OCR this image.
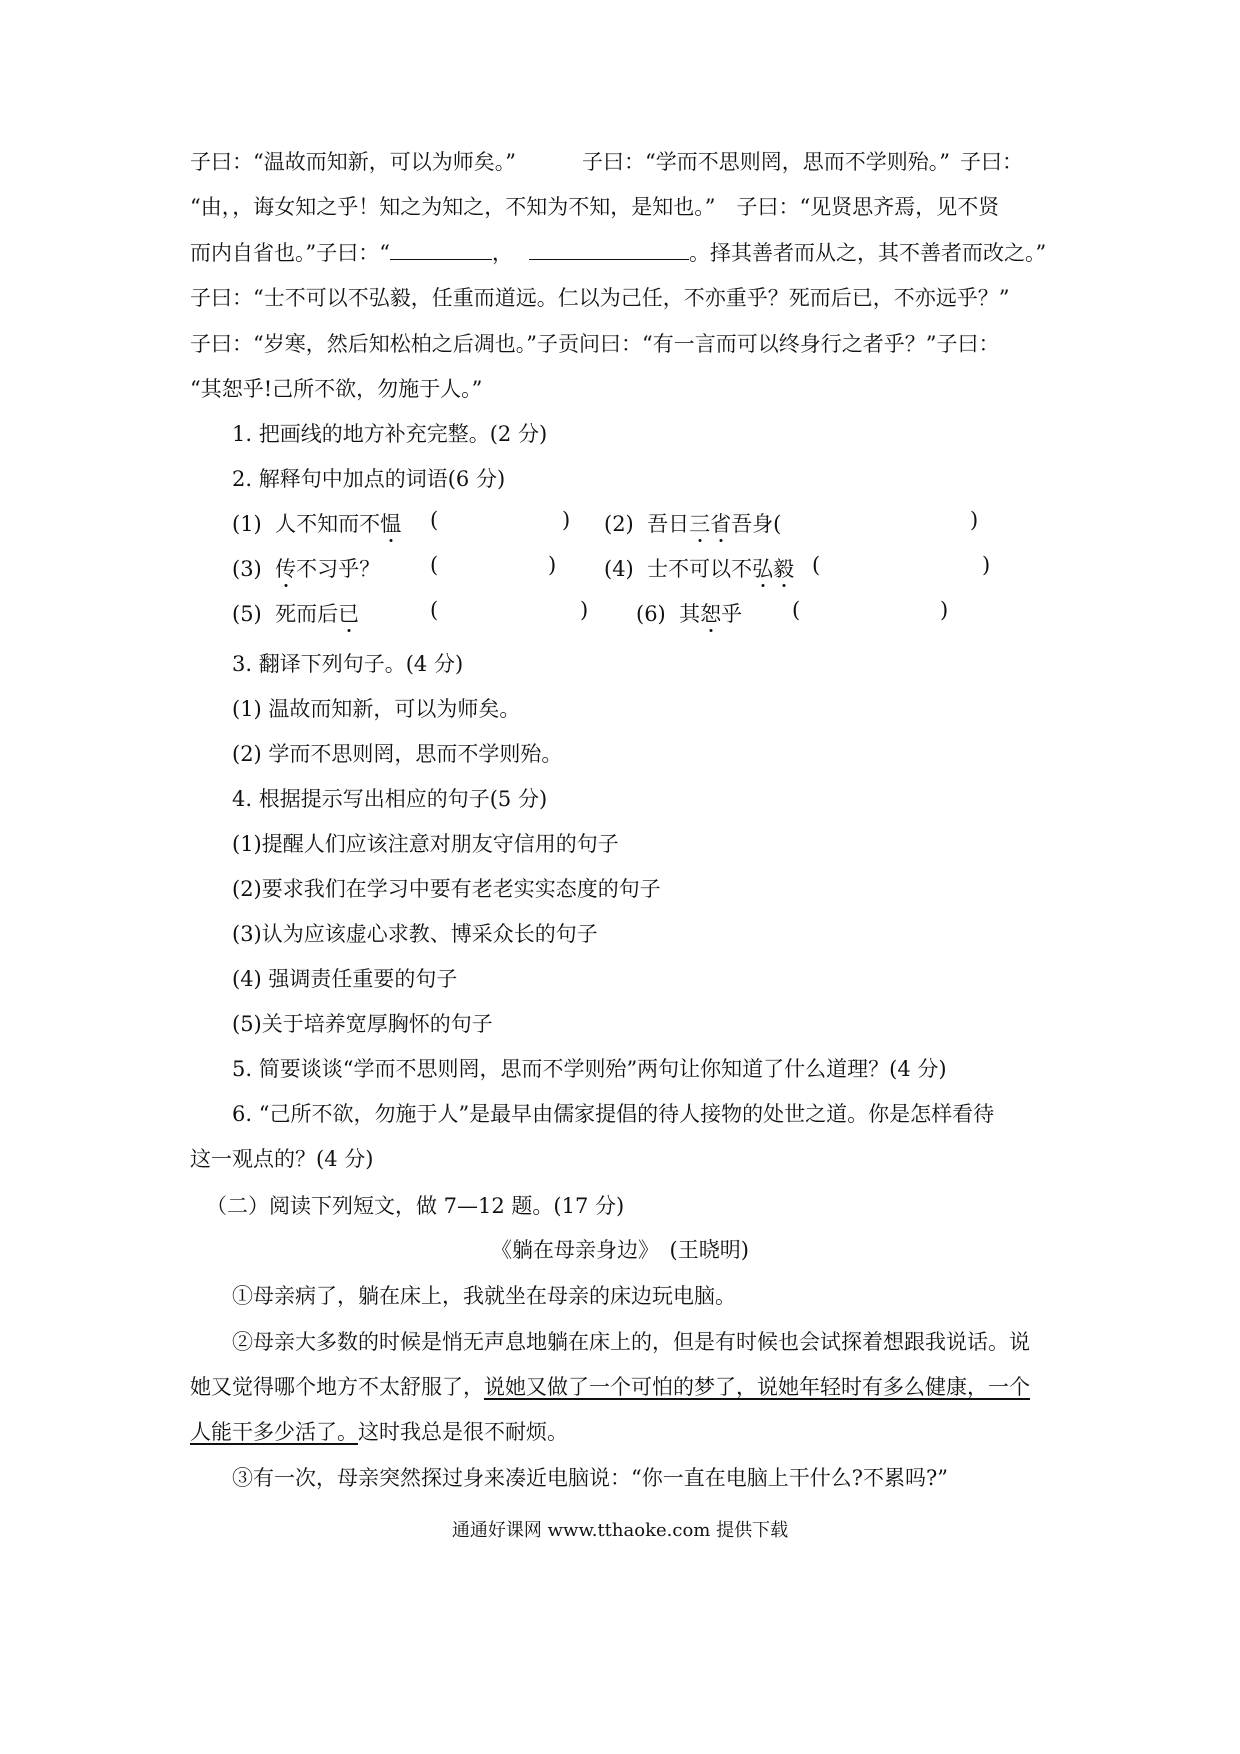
子曰：“温故而知新，可以为师矣。”	子曰：“学而不思则罔，思而不学则殆。” 子曰：
“由，，诲女知之乎！知之为知之，不知为不知，是知也。”　子曰：“见贤思齐焉，见不贤
而内自省也。”子曰：“	，	。择其善者而从之，其不善者而改之。”
子曰：“士不可以不弘毅，任重而道远。仁以为己任，不亦重乎？死而后已，不亦远乎？”
子曰：“岁寒，然后知松柏之后凋也。”子贡问曰：“有一言而可以终身行之者乎？”子曰：
“其恕乎!己所不欲，勿施于人。”
1. 把画线的地方补充完整。(2 分)
2. 解释句中加点的词语(6 分)
(1) 人不知而不愠 (	) (2) 吾日三省吾身(	)
(3) 传不习乎？ (	) (4) 士不可以不弘毅 (	)
(5) 死而后已	(	) (6) 其恕乎 (	)
3. 翻译下列句子。(4 分)
(1) 温故而知新，可以为师矣。
(2) 学而不思则罔，思而不学则殆。
4. 根据提示写出相应的句子(5 分)
(1)提醒人们应该注意对朋友守信用的句子
(2)要求我们在学习中要有老老实实态度的句子
(3)认为应该虚心求教、博采众长的句子
(4) 强调责任重要的句子
(5)关于培养宽厚胸怀的句子
5. 简要谈谈“学而不思则罔，思而不学则殆”两句让你知道了什么道理？(4 分)
6. “己所不欲，勿施于人”是最早由儒家提倡的待人接物的处世之道。你是怎样看待
这一观点的？(4 分)
（二）阅读下列短文，做 7—12 题。(17 分)
《躺在母亲身边》　(王晓明)
①母亲病了，躺在床上，我就坐在母亲的床边玩电脑。
②母亲大多数的时候是悄无声息地躺在床上的，但是有时候也会试探着想跟我说话。说
她又觉得哪个地方不太舒服了，说她又做了一个可怕的梦了，说她年轻时有多么健康，一个
人能干多少活了。这时我总是很不耐烦。
③有一次，母亲突然探过身来凑近电脑说：“你一直在电脑上干什么?不累吗?”
通通好课网 www.tthaoke.com 提供下载
